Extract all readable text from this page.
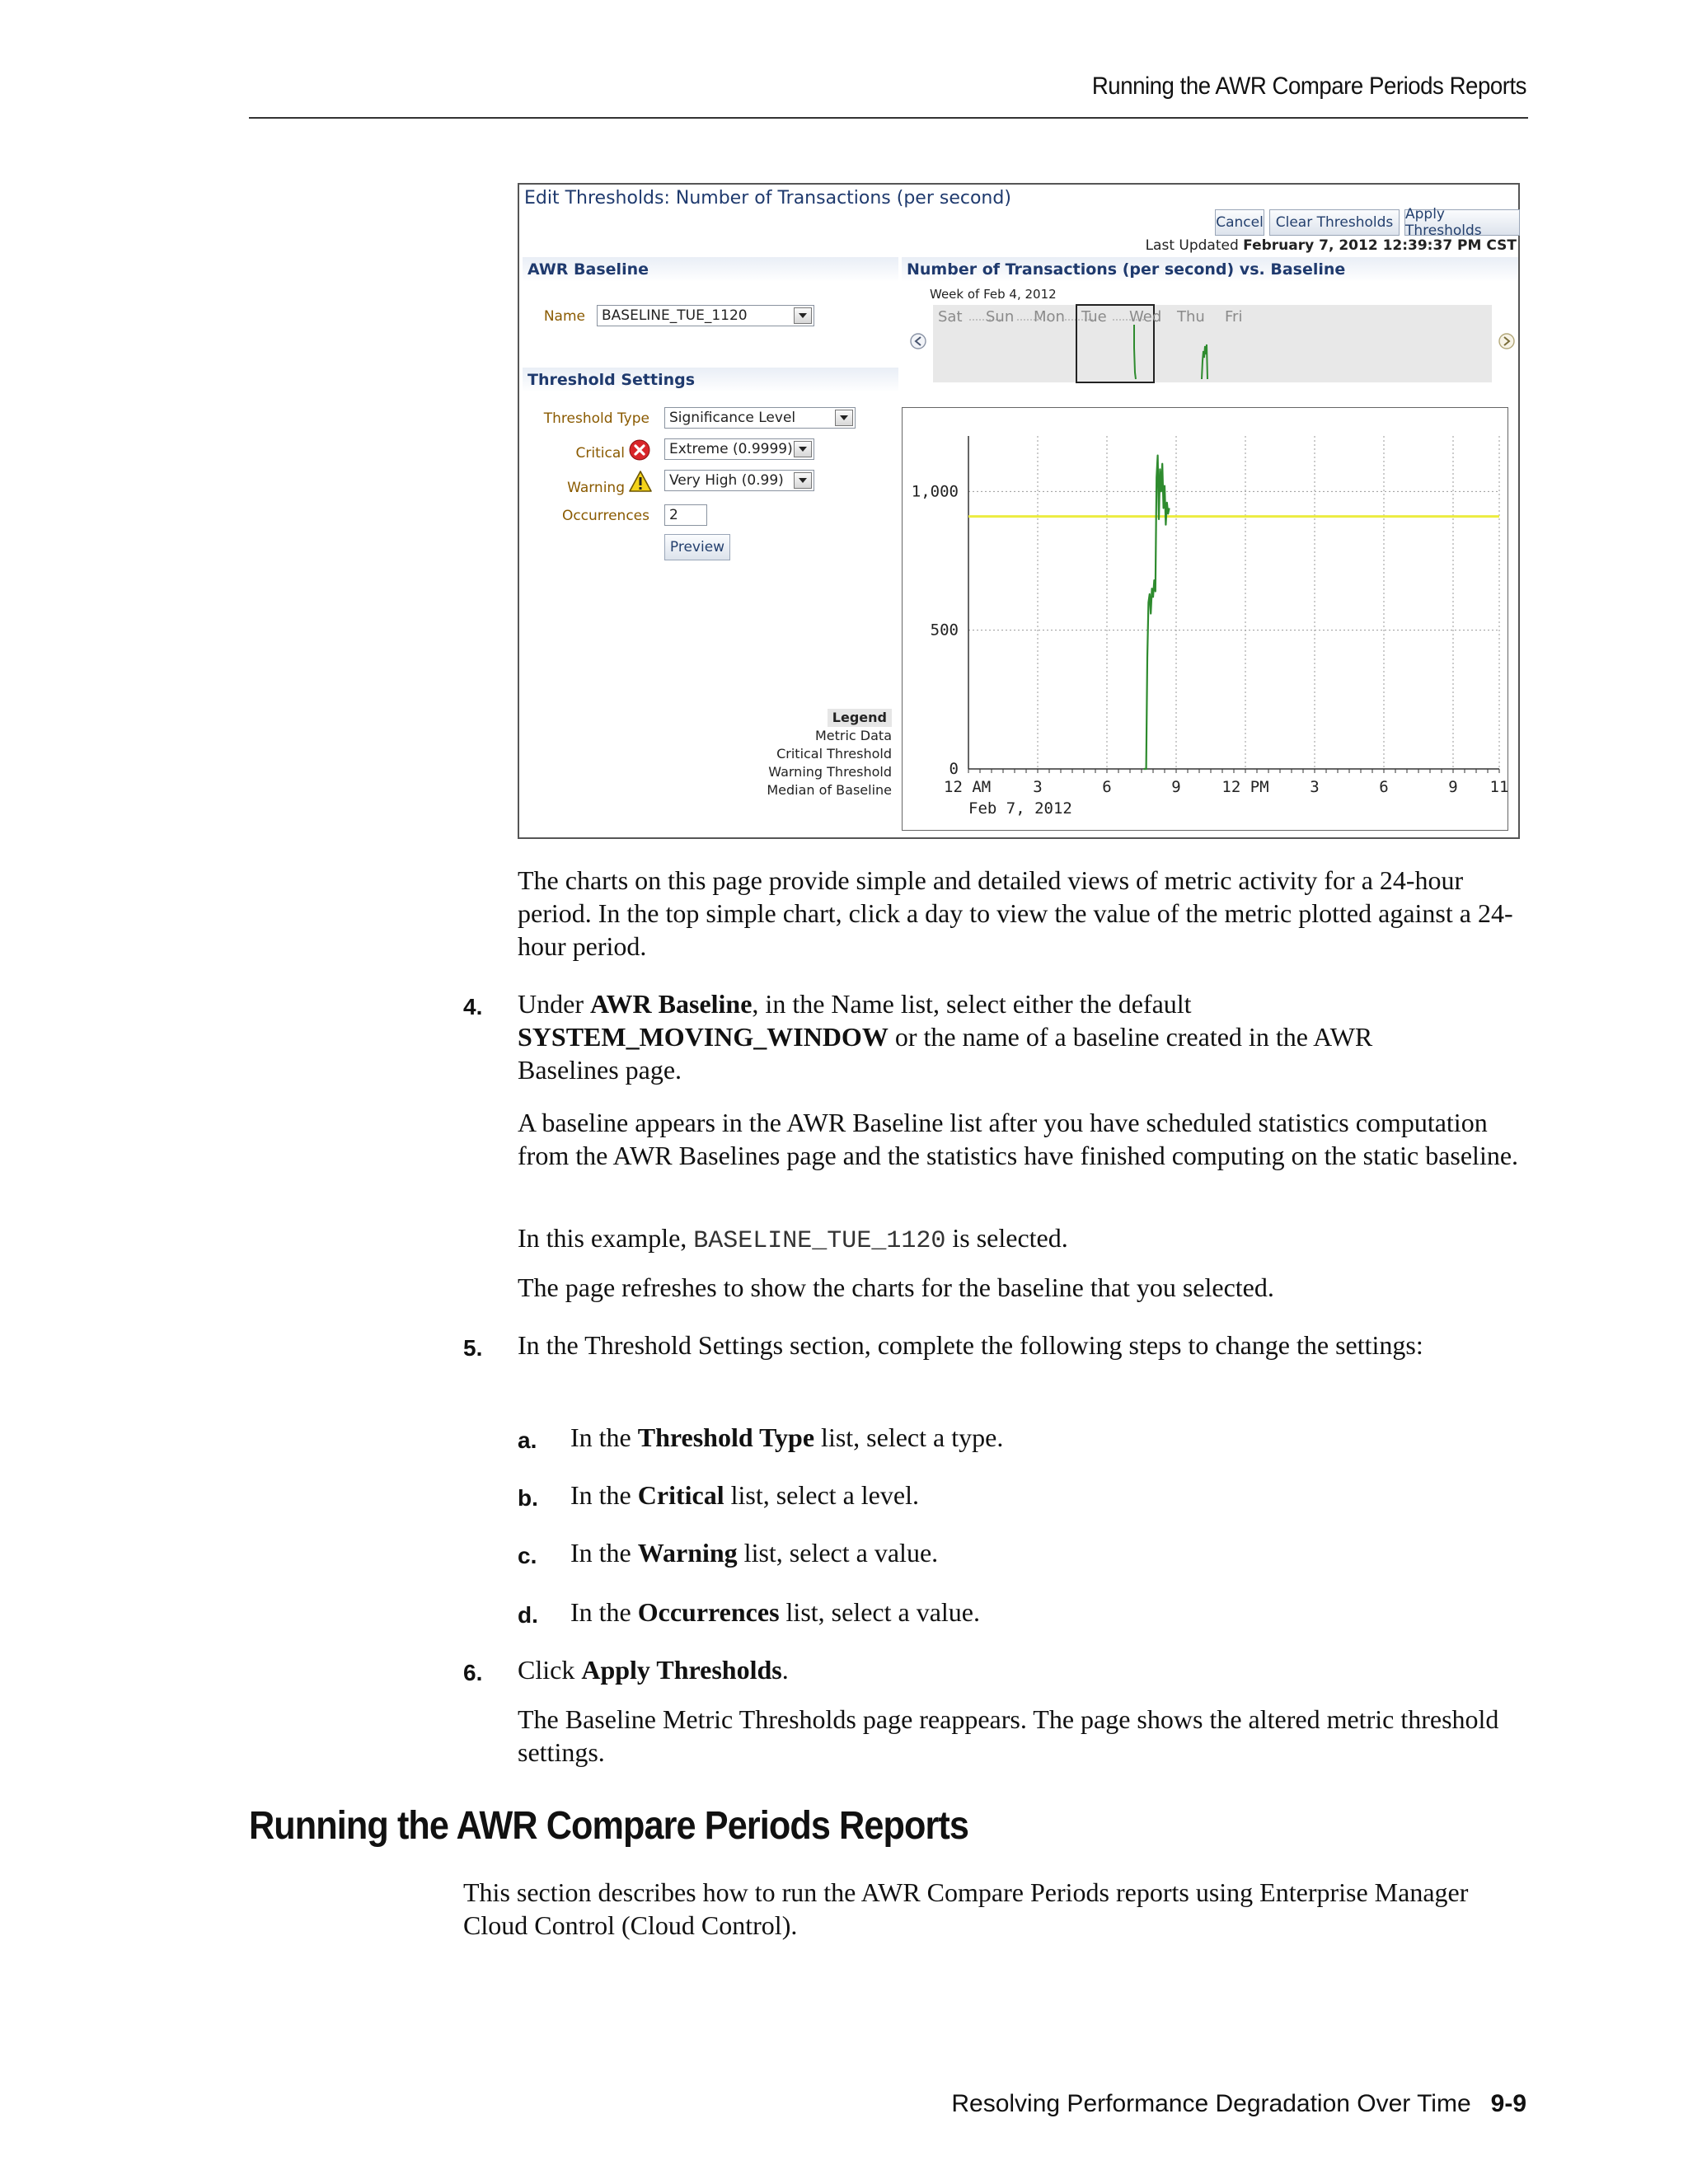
Running the AWR Compare Periods Reports
Edit Thresholds: Number of Transactions (per second)
Cancel Clear Thresholds Apply Thresholds
Last Updated February 7, 2012 12:39:37 PM CST
AWR Baseline
Name BASELINE_TUE_1120
Threshold Settings
Threshold Type Significance Level
Critical	Extreme (0.9999)
Warning	Very High (0.99)
Occurrences 2
Preview
Legend
Metric Data
Critical Threshold
Warning Threshold
Median of Baseline
Number of Transactions (per second) vs. Baseline
Week of Feb 4, 2012
Sat Sun Mon Tue Wed Thu Fri
0
500
1,000
12 AM	3	6	9	12 PM	3	6	9 11
Feb 7, 2012
The charts on this page provide simple and detailed views of metric activity for a 24-hour period. In the top simple chart, click a day to view the value of the metric plotted against a 24-hour period.
4. Under AWR Baseline, in the Name list, select either the default
SYSTEM_MOVING_WINDOW or the name of a baseline created in the AWR
Baselines page.
A baseline appears in the AWR Baseline list after you have scheduled statistics computation from the AWR Baselines page and the statistics have finished computing on the static baseline.
In this example, BASELINE_TUE_1120 is selected.
The page refreshes to show the charts for the baseline that you selected.
5. In the Threshold Settings section, complete the following steps to change the settings:
a. In the Threshold Type list, select a type.
b. In the Critical list, select a level.
c. In the Warning list, select a value.
d. In the Occurrences list, select a value.
6. Click Apply Thresholds.
The Baseline Metric Thresholds page reappears. The page shows the altered metric threshold settings.
Running the AWR Compare Periods Reports
This section describes how to run the AWR Compare Periods reports using Enterprise Manager Cloud Control (Cloud Control).
Resolving Performance Degradation Over Time 9-9
